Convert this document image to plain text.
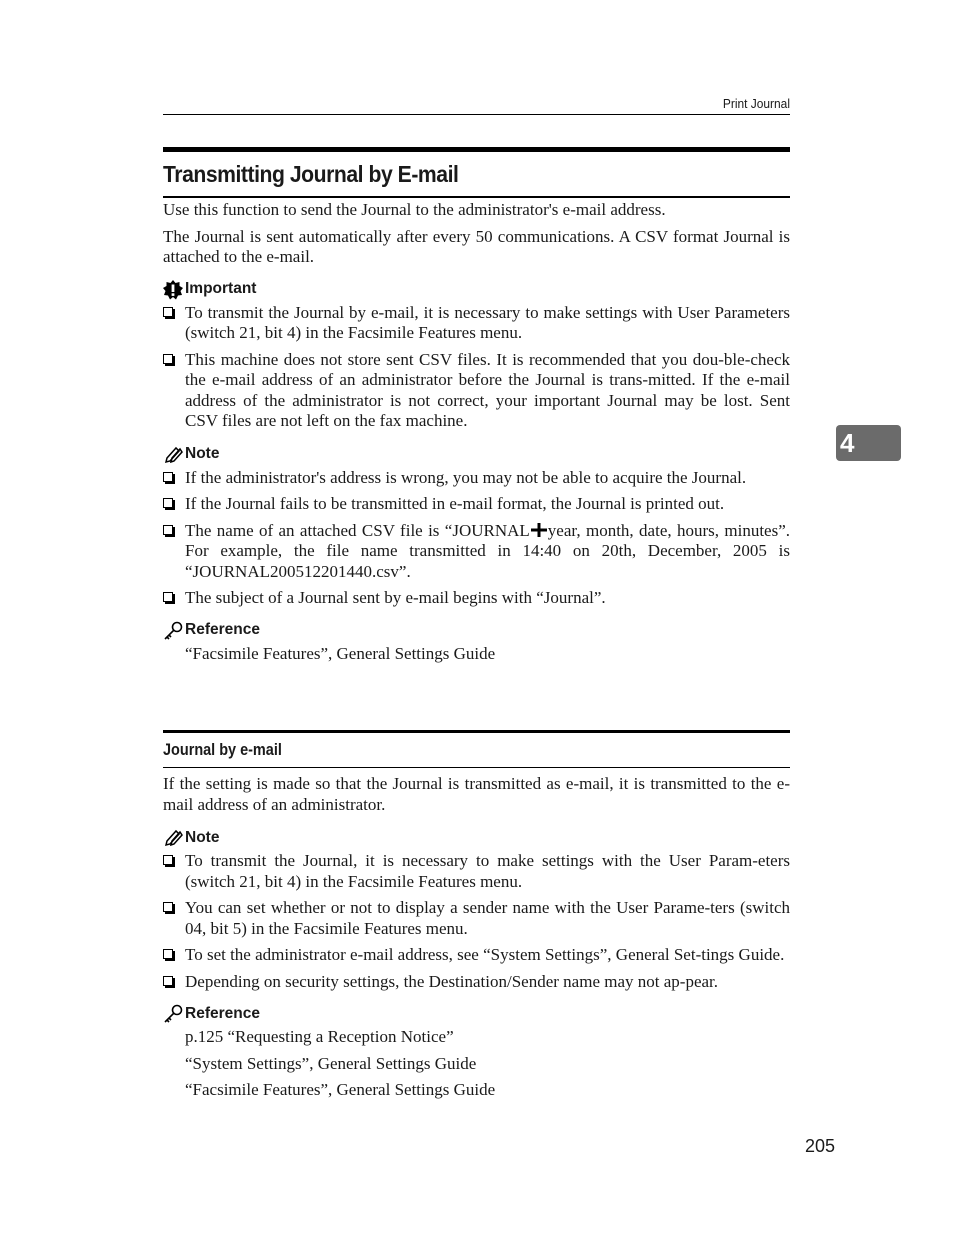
Print Journal
Transmitting Journal by E-mail

Use this function to send the Journal to the administrator's e-mail address.

The Journal is sent automatically after every 50 communications. A CSV format Journal is attached to the e-mail.

Important
To transmit the Journal by e-mail, it is necessary to make settings with User Parameters (switch 21, bit 4) in the Facsimile Features menu.
This machine does not store sent CSV files. It is recommended that you dou-ble-check the e-mail address of an administrator before the Journal is trans-mitted. If the e-mail address of the administrator is not correct, your important Journal may be lost. Sent CSV files are not left on the fax machine.
Note
If the administrator's address is wrong, you may not be able to acquire the Journal.
If the Journal fails to be transmitted in e-mail format, the Journal is printed out.
The name of an attached CSV file is “JOURNAL year, month, date, hours, minutes”. For example, the file name transmitted in 14:40 on 20th, December, 2005 is “JOURNAL200512201440.csv”.
The subject of a Journal sent by e-mail begins with “Journal”.
Reference
“Facsimile Features”, General Settings Guide
Journal by e-mail

If the setting is made so that the Journal is transmitted as e-mail, it is transmitted to the e-mail address of an administrator.

Note
To transmit the Journal, it is necessary to make settings with the User Param-eters (switch 21, bit 4) in the Facsimile Features menu.
You can set whether or not to display a sender name with the User Parame-ters (switch 04, bit 5) in the Facsimile Features menu.
To set the administrator e-mail address, see “System Settings”, General Set-tings Guide.
Depending on security settings, the Destination/Sender name may not ap-pear.
Reference
p.125 “Requesting a Reception Notice”
“System Settings”, General Settings Guide
“Facsimile Features”, General Settings Guide
4
205
